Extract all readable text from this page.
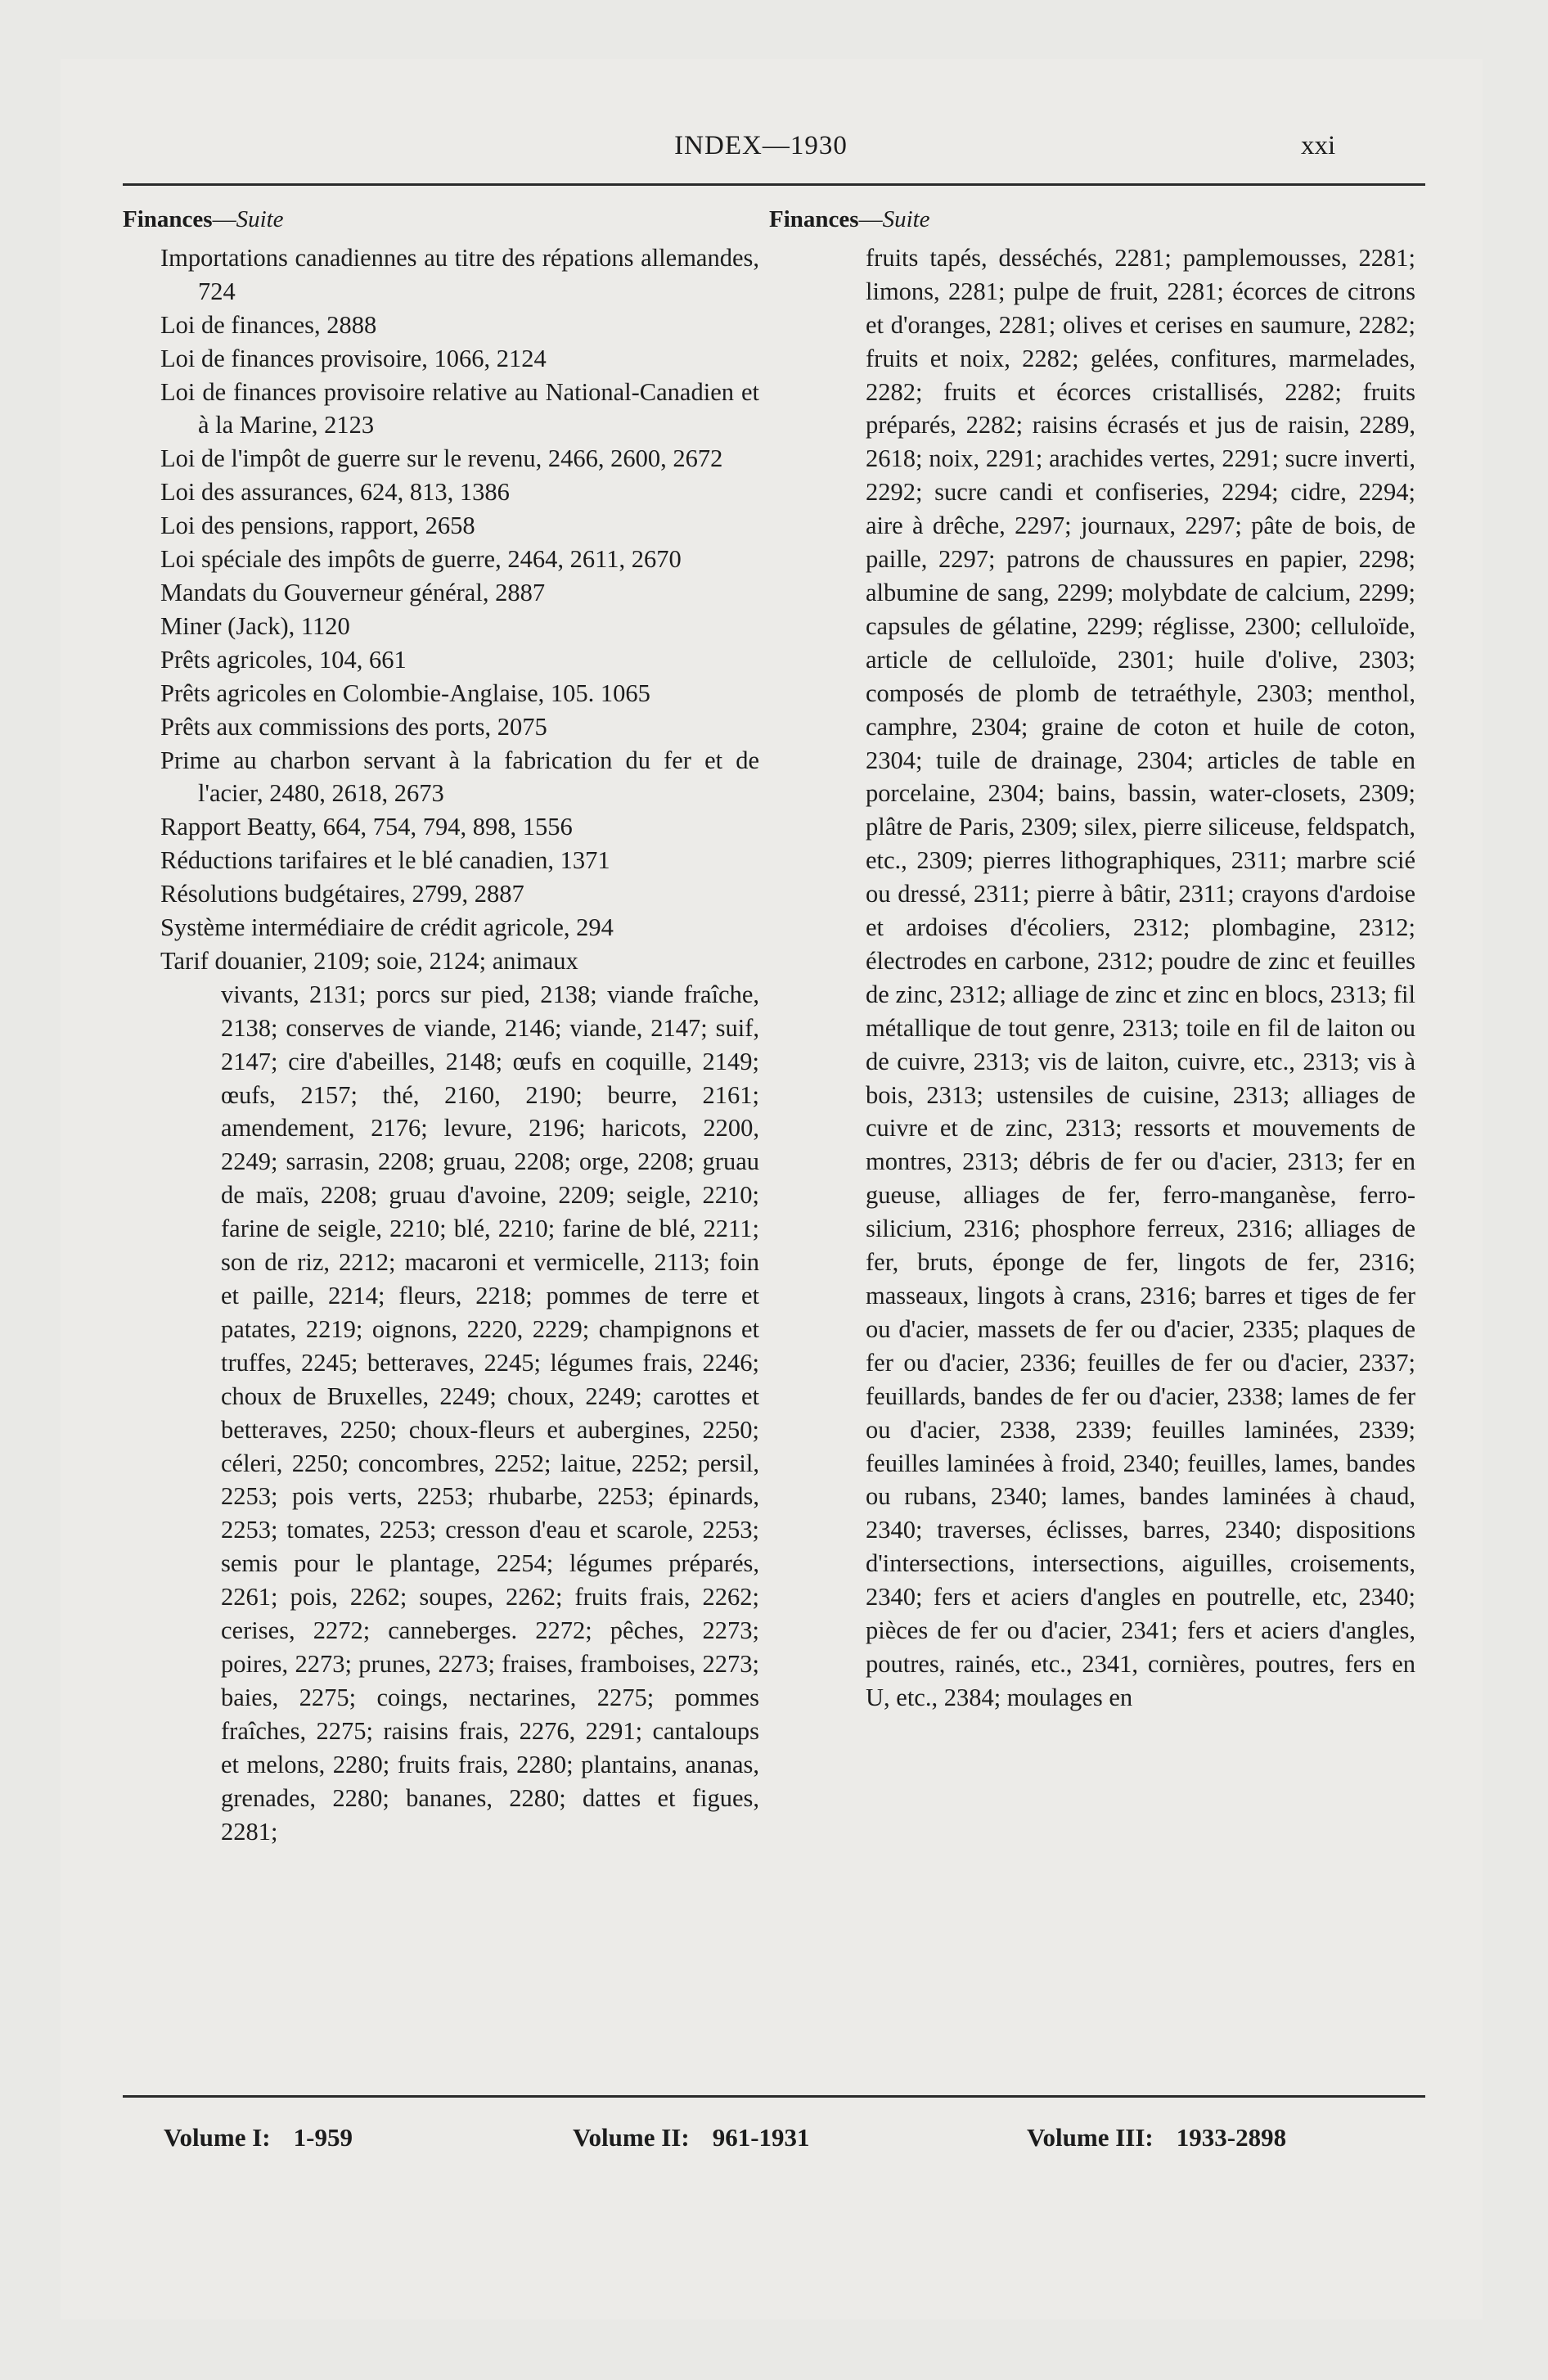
INDEX—1930	xxi
Finances—Suite
Importations canadiennes au titre des répations allemandes, 724
Loi de finances, 2888
Loi de finances provisoire, 1066, 2124
Loi de finances provisoire relative au National-Canadien et à la Marine, 2123
Loi de l'impôt de guerre sur le revenu, 2466, 2600, 2672
Loi des assurances, 624, 813, 1386
Loi des pensions, rapport, 2658
Loi spéciale des impôts de guerre, 2464, 2611, 2670
Mandats du Gouverneur général, 2887
Miner (Jack), 1120
Prêts agricoles, 104, 661
Prêts agricoles en Colombie-Anglaise, 105. 1065
Prêts aux commissions des ports, 2075
Prime au charbon servant à la fabrication du fer et de l'acier, 2480, 2618, 2673
Rapport Beatty, 664, 754, 794, 898, 1556
Réductions tarifaires et le blé canadien, 1371
Résolutions budgétaires, 2799, 2887
Système intermédiaire de crédit agricole, 294
Tarif douanier, 2109; soie, 2124; animaux
vivants, 2131; porcs sur pied, 2138; viande fraîche, 2138; conserves de viande, 2146; viande, 2147; suif, 2147; cire d'abeilles, 2148; œufs en coquille, 2149; œufs, 2157; thé, 2160, 2190; beurre, 2161; amendement, 2176; levure, 2196; haricots, 2200, 2249; sarrasin, 2208; gruau, 2208; orge, 2208; gruau de maïs, 2208; gruau d'avoine, 2209; seigle, 2210; farine de seigle, 2210; blé, 2210; farine de blé, 2211; son de riz, 2212; macaroni et vermicelle, 2113; foin et paille, 2214; fleurs, 2218; pommes de terre et patates, 2219; oignons, 2220, 2229; champignons et truffes, 2245; betteraves, 2245; légumes frais, 2246; choux de Bruxelles, 2249; choux, 2249; carottes et betteraves, 2250; choux-fleurs et aubergines, 2250; céleri, 2250; concombres, 2252; laitue, 2252; persil, 2253; pois verts, 2253; rhubarbe, 2253; épinards, 2253; tomates, 2253; cresson d'eau et scarole, 2253; semis pour le plantage, 2254; légumes préparés, 2261; pois, 2262; soupes, 2262; fruits frais, 2262; cerises, 2272; canneberges. 2272; pêches, 2273; poires, 2273; prunes, 2273; fraises, framboises, 2273; baies, 2275; coings, nectarines, 2275; pommes fraîches, 2275; raisins frais, 2276, 2291; cantaloups et melons, 2280; fruits frais, 2280; plantains, ananas, grenades, 2280; bananes, 2280; dattes et figues, 2281;
Finances—Suite
fruits tapés, desséchés, 2281; pamplemousses, 2281; limons, 2281; pulpe de fruit, 2281; écorces de citrons et d'oranges, 2281; olives et cerises en saumure, 2282; fruits et noix, 2282; gelées, confitures, marmelades, 2282; fruits et écorces cristallisés, 2282; fruits préparés, 2282; raisins écrasés et jus de raisin, 2289, 2618; noix, 2291; arachides vertes, 2291; sucre inverti, 2292; sucre candi et confiseries, 2294; cidre, 2294; aire à drêche, 2297; journaux, 2297; pâte de bois, de paille, 2297; patrons de chaussures en papier, 2298; albumine de sang, 2299; molybdate de calcium, 2299; capsules de gélatine, 2299; réglisse, 2300; celluloïde, article de celluloïde, 2301; huile d'olive, 2303; composés de plomb de tetraéthyle, 2303; menthol, camphre, 2304; graine de coton et huile de coton, 2304; tuile de drainage, 2304; articles de table en porcelaine, 2304; bains, bassin, water-closets, 2309; plâtre de Paris, 2309; silex, pierre siliceuse, feldspatch, etc., 2309; pierres lithographiques, 2311; marbre scié ou dressé, 2311; pierre à bâtir, 2311; crayons d'ardoise et ardoises d'écoliers, 2312; plombagine, 2312; électrodes en carbone, 2312; poudre de zinc et feuilles de zinc, 2312; alliage de zinc et zinc en blocs, 2313; fil métallique de tout genre, 2313; toile en fil de laiton ou de cuivre, 2313; vis de laiton, cuivre, etc., 2313; vis à bois, 2313; ustensiles de cuisine, 2313; alliages de cuivre et de zinc, 2313; ressorts et mouvements de montres, 2313; débris de fer ou d'acier, 2313; fer en gueuse, alliages de fer, ferro-manganèse, ferro-silicium, 2316; phosphore ferreux, 2316; alliages de fer, bruts, éponge de fer, lingots de fer, 2316; masseaux, lingots à crans, 2316; barres et tiges de fer ou d'acier, massets de fer ou d'acier, 2335; plaques de fer ou d'acier, 2336; feuilles de fer ou d'acier, 2337; feuillards, bandes de fer ou d'acier, 2338; lames de fer ou d'acier, 2338, 2339; feuilles laminées, 2339; feuilles laminées à froid, 2340; feuilles, lames, bandes ou rubans, 2340; lames, bandes laminées à chaud, 2340; traverses, éclisses, barres, 2340; dispositions d'intersections, intersections, aiguilles, croisements, 2340; fers et aciers d'angles en poutrelle, etc, 2340; pièces de fer ou d'acier, 2341; fers et aciers d'angles, poutres, rainés, etc., 2341, cornières, poutres, fers en U, etc., 2384; moulages en
Volume I: 1-959	Volume II: 961-1931	Volume III: 1933-2898
